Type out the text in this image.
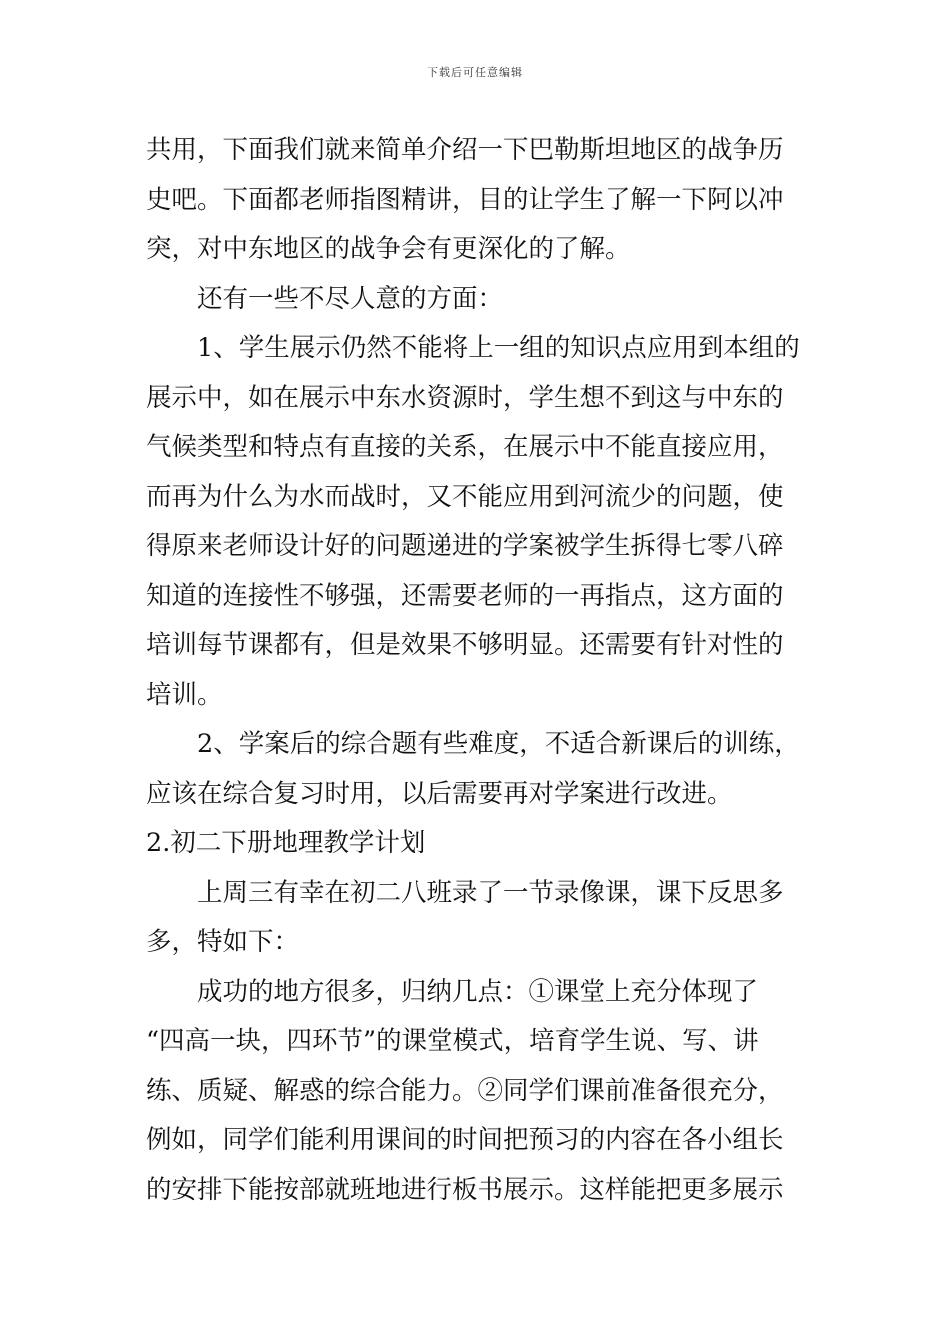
下载后可任意编辑
共用，下面我们就来简单介绍一下巴勒斯坦地区的战争历
史吧。下面都老师指图精讲，目的让学生了解一下阿以冲
突，对中东地区的战争会有更深化的了解。
还有一些不尽人意的方面：
1、学生展示仍然不能将上一组的知识点应用到本组的
展示中，如在展示中东水资源时，学生想不到这与中东的
气候类型和特点有直接的关系，在展示中不能直接应用，
而再为什么为水而战时，又不能应用到河流少的问题，使
得原来老师设计好的问题递进的学案被学生拆得七零八碎
知道的连接性不够强，还需要老师的一再指点，这方面的
培训每节课都有，但是效果不够明显。还需要有针对性的
培训。
2、学案后的综合题有些难度，不适合新课后的训练，
应该在综合复习时用，以后需要再对学案进行改进。
2.初二下册地理教学计划
上周三有幸在初二八班录了一节录像课，课下反思多
多，特如下：
成功的地方很多，归纳几点：①课堂上充分体现了
“四高一块，四环节”的课堂模式，培育学生说、写、讲
练、质疑、解惑的综合能力。②同学们课前准备很充分，
例如，同学们能利用课间的时间把预习的内容在各小组长
的安排下能按部就班地进行板书展示。这样能把更多展示
